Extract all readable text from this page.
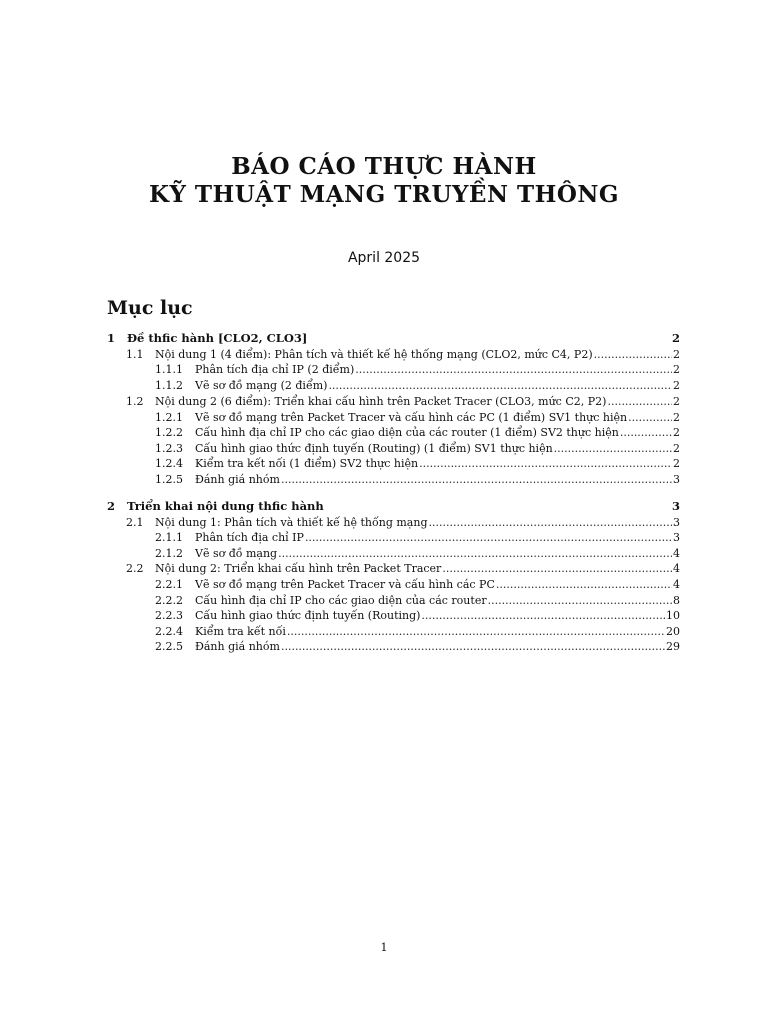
BÁO CÁO THỰC HÀNH
KỸ THUẬT MẠNG TRUYỀN THÔNG
April 2025
Mục lục
1 Đề thfic hành [CLO2, CLO3]	2
1.1 Nội dung 1 (4 điểm): Phân tích và thiết kế hệ thống mạng (CLO2, mức C4, P2) .....	2
1.1.1 Phân tích địa chỉ IP (2 điểm) .....	2
1.1.2 Vẽ sơ đồ mạng (2 điểm) .....	2
1.2 Nội dung 2 (6 điểm): Triển khai cấu hình trên Packet Tracer (CLO3, mức C2, P2) .....	2
1.2.1 Vẽ sơ đồ mạng trên Packet Tracer và cấu hình các PC (1 điểm) SV1 thực hiện .....	2
1.2.2 Cấu hình địa chỉ IP cho các giao diện của các router (1 điểm) SV2 thực hiện .....	2
1.2.3 Cấu hình giao thức định tuyến (Routing) (1 điểm) SV1 thực hiện .....	2
1.2.4 Kiểm tra kết nối (1 điểm) SV2 thực hiện .....	2
1.2.5 Đánh giá nhóm .....	3
2 Triển khai nội dung thfic hành	3
2.1 Nội dung 1: Phân tích và thiết kế hệ thống mạng .....	3
2.1.1 Phân tích địa chỉ IP .....	3
2.1.2 Vẽ sơ đồ mạng .....	4
2.2 Nội dung 2: Triển khai cấu hình trên Packet Tracer .....	4
2.2.1 Vẽ sơ đồ mạng trên Packet Tracer và cấu hình các PC .....	4
2.2.2 Cấu hình địa chỉ IP cho các giao diện của các router .....	8
2.2.3 Cấu hình giao thức định tuyến (Routing) .....	10
2.2.4 Kiểm tra kết nối .....	20
2.2.5 Đánh giá nhóm .....	29
1
